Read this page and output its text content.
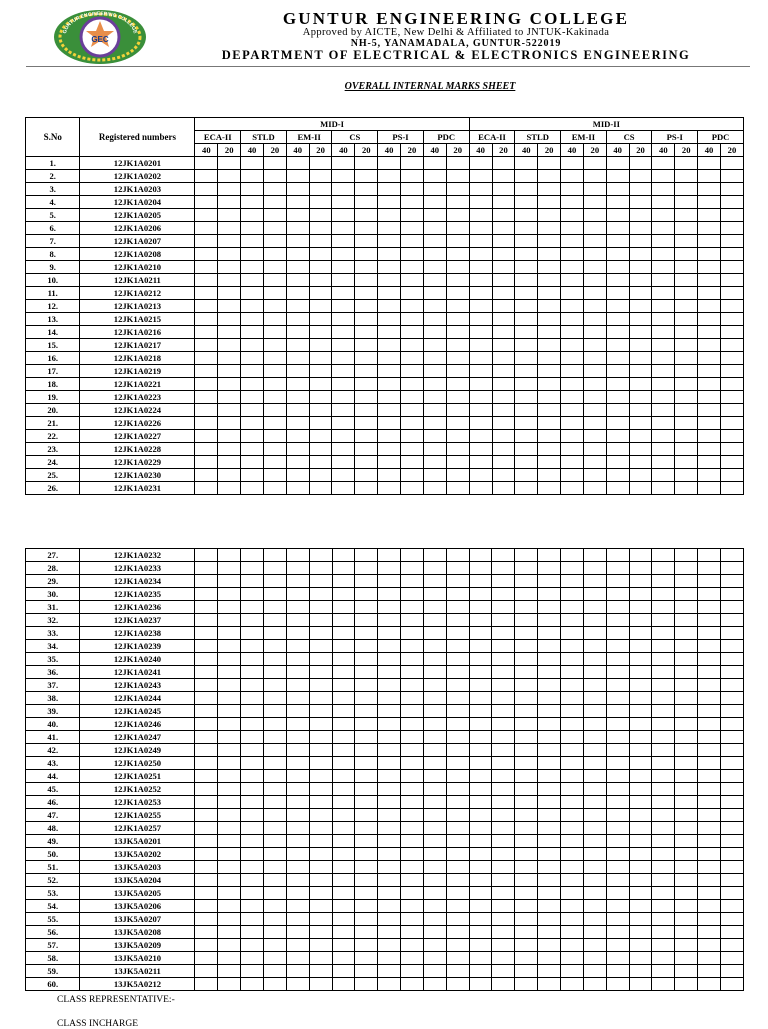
GEC
GUNTUR ENGINEERING COLLEGE
GUNTUR ENGINEERING COLLEGE
Approved by AICTE, New Delhi & Affiliated to JNTUK-Kakinada
NH-5, YANAMADALA, GUNTUR-522019
DEPARTMENT OF ELECTRICAL & ELECTRONICS ENGINEERING
OVERALL INTERNAL MARKS SHEET
S.No	Registered numbers	MID-I												MID-II											
		ECA-II		STLD		EM-II		CS		PS-I		PDC		ECA-II		STLD		EM-II		CS		PS-I		PDC	
		40	20	40	20	40	20	40	20	40	20	40	20	40	20	40	20	40	20	40	20	40	20	40	20
1.	12JK1A0201																								
2.	12JK1A0202																								
3.	12JK1A0203																								
4.	12JK1A0204																								
5.	12JK1A0205																								
6.	12JK1A0206																								
7.	12JK1A0207																								
8.	12JK1A0208																								
9.	12JK1A0210																								
10.	12JK1A0211																								
11.	12JK1A0212																								
12.	12JK1A0213																								
13.	12JK1A0215																								
14.	12JK1A0216																								
15.	12JK1A0217																								
16.	12JK1A0218																								
17.	12JK1A0219																								
18.	12JK1A0221																								
19.	12JK1A0223																								
20.	12JK1A0224																								
21.	12JK1A0226																								
22.	12JK1A0227																								
23.	12JK1A0228																								
24.	12JK1A0229																								
25.	12JK1A0230																								
26.	12JK1A0231																								
27.	12JK1A0232																								
28.	12JK1A0233																								
29.	12JK1A0234																								
30.	12JK1A0235																								
31.	12JK1A0236																								
32.	12JK1A0237																								
33.	12JK1A0238																								
34.	12JK1A0239																								
35.	12JK1A0240																								
36.	12JK1A0241																								
37.	12JK1A0243																								
38.	12JK1A0244																								
39.	12JK1A0245																								
40.	12JK1A0246																								
41.	12JK1A0247																								
42.	12JK1A0249																								
43.	12JK1A0250																								
44.	12JK1A0251																								
45.	12JK1A0252																								
46.	12JK1A0253																								
47.	12JK1A0255																								
48.	12JK1A0257																								
49.	13JK5A0201																								
50.	13JK5A0202																								
51.	13JK5A0203																								
52.	13JK5A0204																								
53.	13JK5A0205																								
54.	13JK5A0206																								
55.	13JK5A0207																								
56.	13JK5A0208																								
57.	13JK5A0209																								
58.	13JK5A0210																								
59.	13JK5A0211																								
60.	13JK5A0212																								
CLASS REPRESENTATIVE:-
CLASS INCHARGE
